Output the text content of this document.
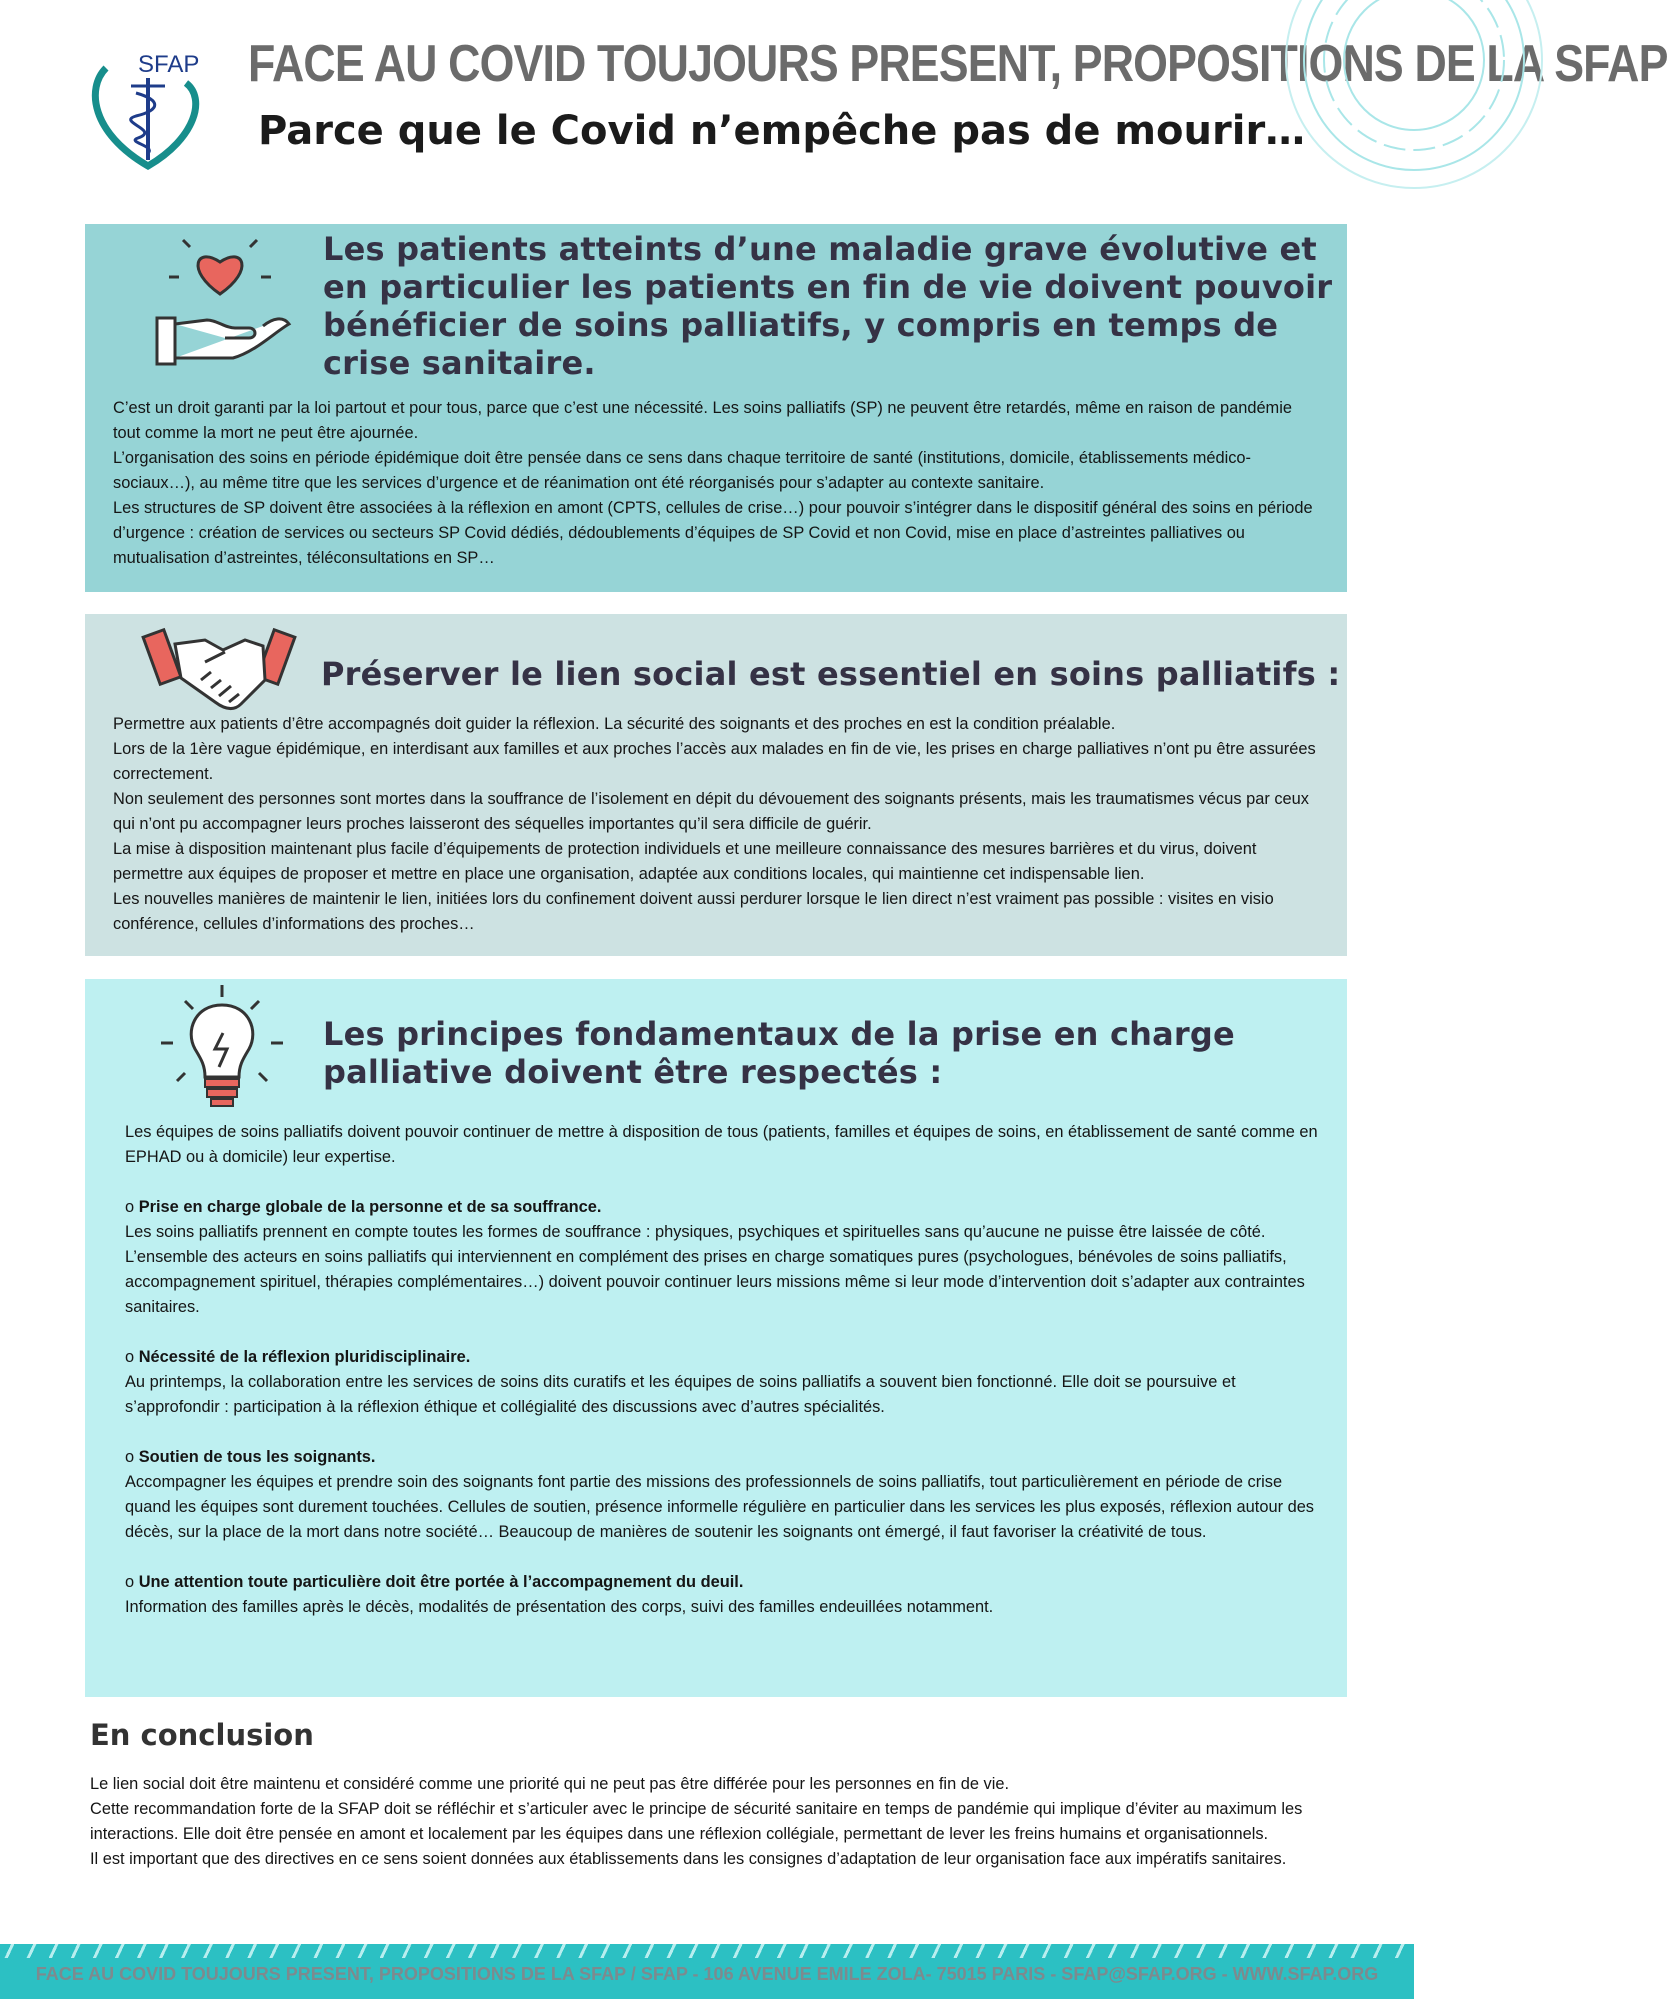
SFAP FACE AU COVID TOUJOURS PRESENT, PROPOSITIONS DE LA SFAP
Parce que le Covid n’empêche pas de mourir…
Les patients atteints d’une maladie grave évolutive et en particulier les patients en fin de vie doivent pouvoir bénéficier de soins palliatifs, y compris en temps de crise sanitaire.

C’est un droit garanti par la loi partout et pour tous, parce que c’est une nécessité. Les soins palliatifs (SP) ne peuvent être retardés, même en raison de pandémie tout comme la mort ne peut être ajournée.

L’organisation des soins en période épidémique doit être pensée dans ce sens dans chaque territoire de santé (institutions, domicile, établissements médico-sociaux…), au même titre que les services d’urgence et de réanimation ont été réorganisés pour s’adapter au contexte sanitaire.

Les structures de SP doivent être associées à la réflexion en amont (CPTS, cellules de crise…) pour pouvoir s’intégrer dans le dispositif général des soins en période d’urgence : création de services ou secteurs SP Covid dédiés, dédoublements d’équipes de SP Covid et non Covid, mise en place d’astreintes palliatives ou mutualisation d’astreintes, téléconsultations en SP…

Préserver le lien social est essentiel en soins palliatifs :

Permettre aux patients d’être accompagnés doit guider la réflexion. La sécurité des soignants et des proches en est la condition préalable.

Lors de la 1ère vague épidémique, en interdisant aux familles et aux proches l’accès aux malades en fin de vie, les prises en charge palliatives n’ont pu être assurées correctement.

Non seulement des personnes sont mortes dans la souffrance de l’isolement en dépit du dévouement des soignants présents, mais les traumatismes vécus par ceux qui n’ont pu accompagner leurs proches laisseront des séquelles importantes qu’il sera difficile de guérir.

La mise à disposition maintenant plus facile d’équipements de protection individuels et une meilleure connaissance des mesures barrières et du virus, doivent permettre aux équipes de proposer et mettre en place une organisation, adaptée aux conditions locales, qui maintienne cet indispensable lien.

Les nouvelles manières de maintenir le lien, initiées lors du confinement doivent aussi perdurer lorsque le lien direct n’est vraiment pas possible : visites en visio conférence, cellules d’informations des proches…

Les principes fondamentaux de la prise en charge palliative doivent être respectés :

Les équipes de soins palliatifs doivent pouvoir continuer de mettre à disposition de tous (patients, familles et équipes de soins, en établissement de santé comme en EPHAD ou à domicile) leur expertise.

o Prise en charge globale de la personne et de sa souffrance.

Les soins palliatifs prennent en compte toutes les formes de souffrance : physiques, psychiques et spirituelles sans qu’aucune ne puisse être laissée de côté. L’ensemble des acteurs en soins palliatifs qui interviennent en complément des prises en charge somatiques pures (psychologues, bénévoles de soins palliatifs, accompagnement spirituel, thérapies complémentaires…) doivent pouvoir continuer leurs missions même si leur mode d’intervention doit s’adapter aux contraintes sanitaires.

o Nécessité de la réflexion pluridisciplinaire.

Au printemps, la collaboration entre les services de soins dits curatifs et les équipes de soins palliatifs a souvent bien fonctionné. Elle doit se poursuive et s’approfondir : participation à la réflexion éthique et collégialité des discussions avec d’autres spécialités.

o Soutien de tous les soignants.

Accompagner les équipes et prendre soin des soignants font partie des missions des professionnels de soins palliatifs, tout particulièrement en période de crise quand les équipes sont durement touchées. Cellules de soutien, présence informelle régulière en particulier dans les services les plus exposés, réflexion autour des décès, sur la place de la mort dans notre société… Beaucoup de manières de soutenir les soignants ont émergé, il faut favoriser la créativité de tous.

o Une attention toute particulière doit être portée à l’accompagnement du deuil.

Information des familles après le décès, modalités de présentation des corps, suivi des familles endeuillées notamment.

En conclusion

Le lien social doit être maintenu et considéré comme une priorité qui ne peut pas être différée pour les personnes en fin de vie.

Cette recommandation forte de la SFAP doit se réfléchir et s’articuler avec le principe de sécurité sanitaire en temps de pandémie qui implique d’éviter au maximum les interactions. Elle doit être pensée en amont et localement par les équipes dans une réflexion collégiale, permettant de lever les freins humains et organisationnels.

Il est important que des directives en ce sens soient données aux établissements dans les consignes d’adaptation de leur organisation face aux impératifs sanitaires.

FACE AU COVID TOUJOURS PRESENT, PROPOSITIONS DE LA SFAP / SFAP - 106 AVENUE EMILE ZOLA- 75015 PARIS - SFAP@SFAP.ORG - WWW.SFAP.ORG
